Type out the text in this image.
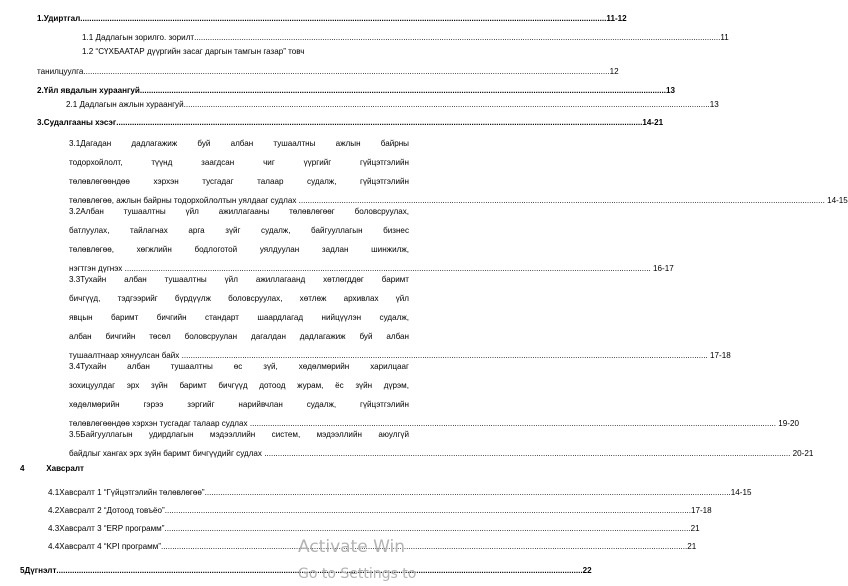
1. Удиртгал .....	11-12
1.1 Дадлагын зорилго. зорилт .....	11
1.2 “СҮХБААТАР дүүргийн засаг даргын тамгын газар” товч
танилцуулга .....	12
2. Үйл явдалын хураангуй .....	13
2.1 Дадлагын ажлын хураангуй .....	13
3. Судалгааны хэсэг .....	14-21
3.1Дагадан дадлагажиж буй албан тушаалтны ажлын байрны
тодорхойлолт, түүнд заагдсан чиг үүргийг гүйцэтгэлийн
төлөвлөгөөндөө хэрхэн тусгадаг талаар судалж, гүйцэтгэлийн
төлөвлөгөө, ажлын байрны тодорхойлолтын уялдааг судлах .....	14-15
3.2Албан тушаалтны үйл ажиллагааны төлөвлөгөөг боловсруулах,
батлуулах, тайлагнах арга зүйг судалж, байгууллагын бизнес
төлөвлөгөө, хөгжлийн бодлоготой уялдуулан задлан шинжилж,
нэгтгэн дүгнэх .....	16-17
3.3Тухайн албан тушаалтны үйл ажиллагаанд хөтлөгддөг баримт
бичгүүд, тэдгээрийг бүрдүүлж боловсруулах, хөтлөж архивлах үйл
явцын баримт бичгийн стандарт шаардлагад нийцүүлэн судалж,
албан бичгийн төсөл боловсруулан дагалдан дадлагажиж буй албан
тушаалтнаар хянуулсан байх .....	17-18
3.4Тухайн албан тушаалтны өс зүй, хөдөлмөрийн харилцааг
зохицуулдаг эрх зүйн баримт бичгүүд дотоод журам, ёс зүйн дүрэм,
хөдөлмөрийн гэрээ зэргийг нарийвчлан судалж, гүйцэтгэлийн
төлөвлөгөөндөө хэрхэн тусгадаг талаар судлах .....	19-20
3.5Байгууллагын удирдлагын мэдээллийн систем, мэдээллийн аюулгүй
байдлыг хангах эрх зүйн баримт бичгүүдийг судлах .....	20-21
4	Хавсралт
4.1Хавсралт 1 “Гүйцэтгэлийн төлөвлөгөө” .....	14-15
4.2Хавсралт 2 “Дотоод товъёо” .....	17-18
4.3Хавсралт 3 “ERP программ” .....	21
4.4Хавсралт 4 “KPI программ” .....	21
5 Дүгнэлт .....	22
Activate Win
Go to Settings to
